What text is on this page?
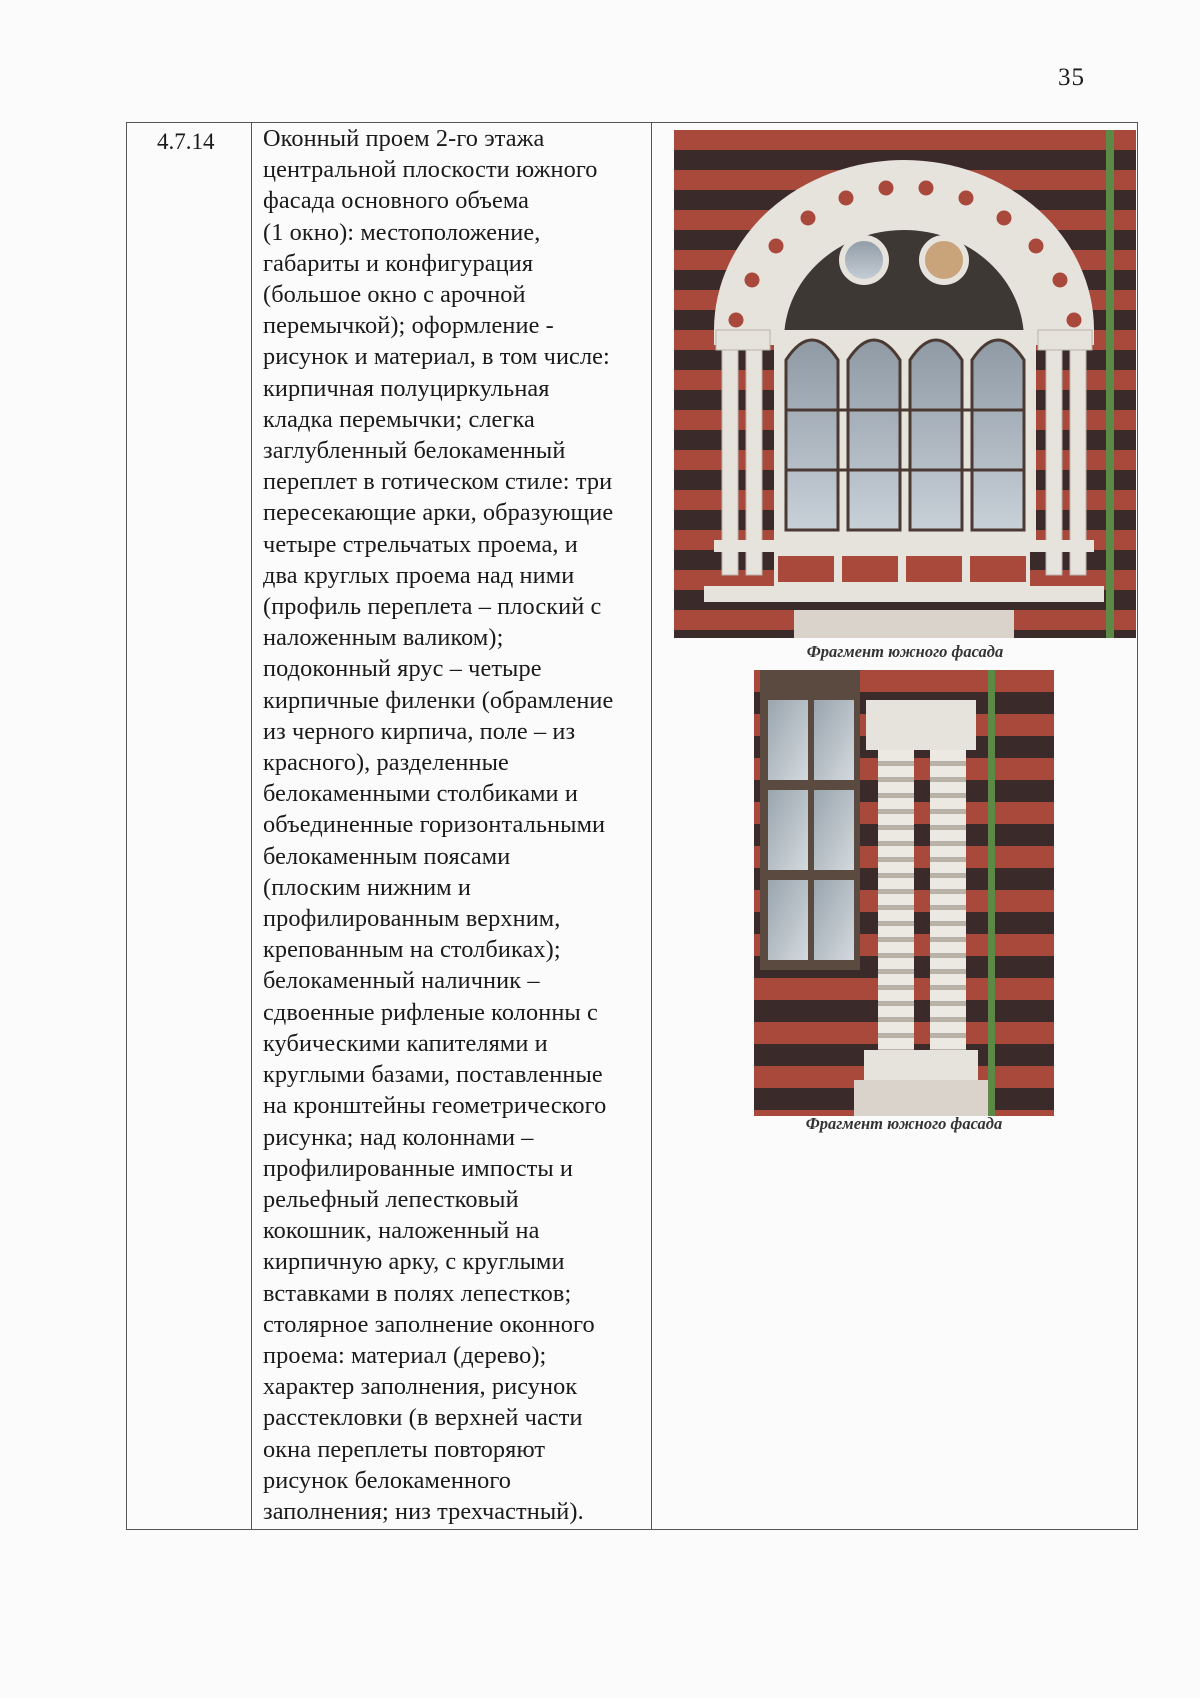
35
4.7.14 Оконный проем 2-го этажа
центральной плоскости южного
фасада основного объема
(1 окно): местоположение,
габариты и конфигурация
(большое окно с арочной
перемычкой); оформление -
рисунок и материал, в том числе:
кирпичная полуциркульная
кладка перемычки; слегка
заглубленный белокаменный
переплет в готическом стиле: три
пересекающие арки, образующие
четыре стрельчатых проема, и
два круглых проема над ними
(профиль переплета – плоский с
наложенным валиком);
подоконный ярус – четыре
кирпичные филенки (обрамление
из черного кирпича, поле – из
красного), разделенные
белокаменными столбиками и
объединенные горизонтальными
белокаменным поясами
(плоским нижним и
профилированным верхним,
крепованным на столбиках);
белокаменный наличник –
сдвоенные рифленые колонны с
кубическими капителями и
круглыми базами, поставленные
на кронштейны геометрического
рисунка; над колоннами –
профилированные импосты и
рельефный лепестковый
кокошник, наложенный на
кирпичную арку, с круглыми
вставками в полях лепестков;
столярное заполнение оконного
проема: материал (дерево);
характер заполнения, рисунок
расстекловки (в верхней части
окна переплеты повторяют
рисунок белокаменного
заполнения; низ трехчастный).
Фрагмент южного фасада
Фрагмент южного фасада
